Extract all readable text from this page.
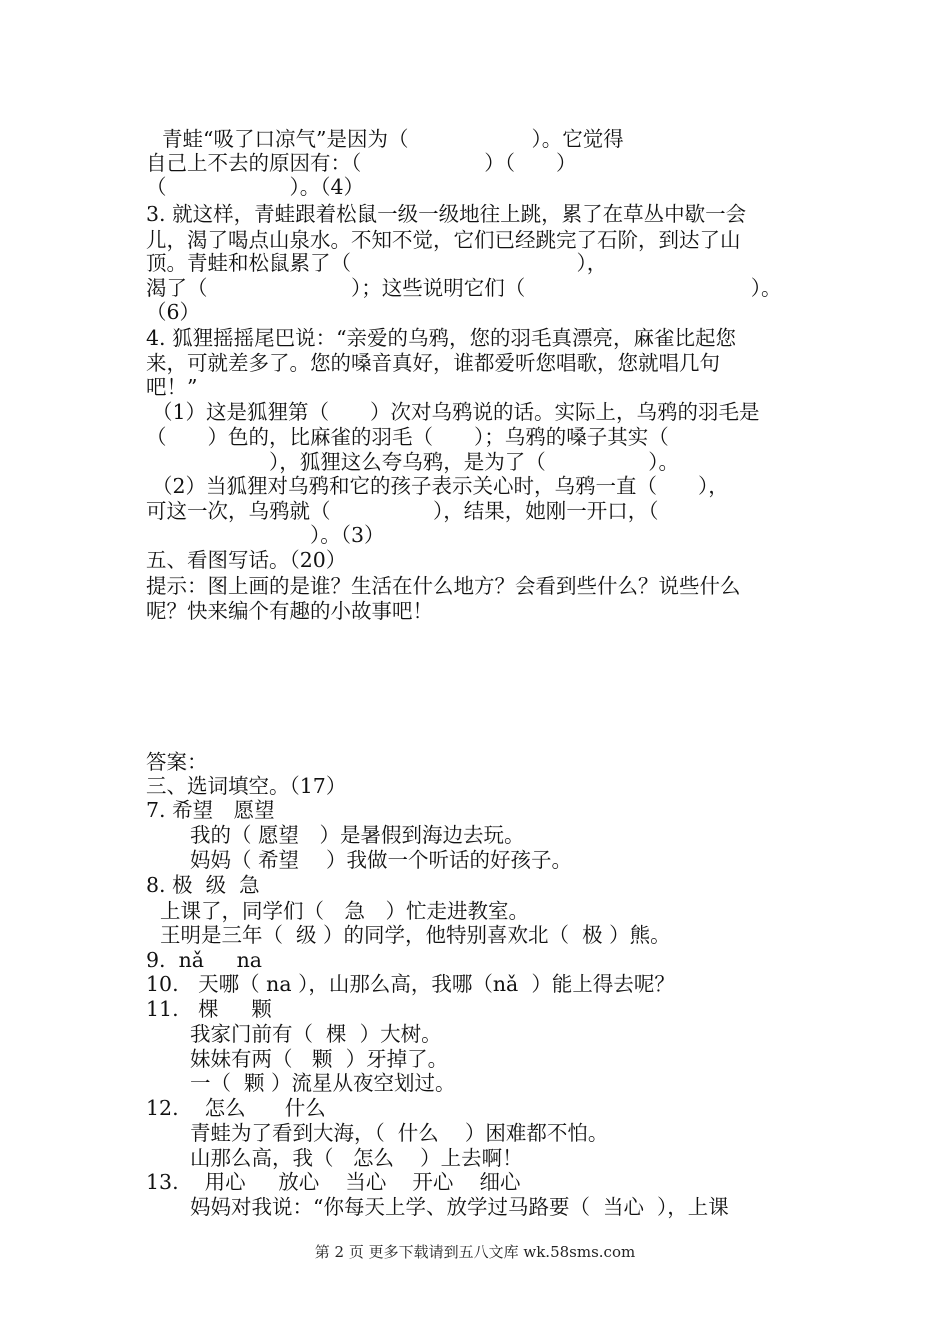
青蛙“吸了口凉气”是因为（　　　　　　）。它觉得

自己上不去的原因有：（　　　　　　）（　　）

（　　　　　　）。（4）

3. 就这样，青蛙跟着松鼠一级一级地往上跳，累了在草丛中歇一会

儿，渴了喝点山泉水。不知不觉，它们已经跳完了石阶，到达了山

顶。青蛙和松鼠累了（　　　　　　　　　　　），

渴了（　　　　　　　）；这些说明它们（　　　　　　　　　　　）。

（6）

4. 狐狸摇摇尾巴说：“亲爱的乌鸦，您的羽毛真漂亮，麻雀比起您

来，可就差多了。您的嗓音真好，谁都爱听您唱歌，您就唱几句

吧！”

（1）这是狐狸第（　　）次对乌鸦说的话。实际上，乌鸦的羽毛是

（　　）色的，比麻雀的羽毛（　　）；乌鸦的嗓子其实（

　　　　　　），狐狸这么夸乌鸦，是为了（　　　　　）。

（2）当狐狸对乌鸦和它的孩子表示关心时，乌鸦一直（　　），

可这一次，乌鸦就（　　　　　），结果，她刚一开口，（

　　　　　　　　）。（3）

五、看图写话。（20）

提示：图上画的是谁？生活在什么地方？会看到些什么？说些什么

呢？快来编个有趣的小故事吧！

答案：

三、选词填空。（17）

7. 希望　愿望

我的（ 愿望　）是暑假到海边去玩。

妈妈（ 希望　 ）我做一个听话的好孩子。

8. 极  级  急

上课了，同学们（　急　）忙走进教室。

王明是三年（  级 ）的同学，他特别喜欢北（  极 ）熊。

9.  nǎ     na

10.   天哪（ na ），山那么高，我哪（nǎ  ）能上得去呢？

11.   棵     颗

我家门前有（  棵  ）大树。

妹妹有两（   颗  ）牙掉了。

一（  颗 ）流星从夜空划过。

12.    怎么      什么

青蛙为了看到大海，（  什么    ）困难都不怕。

山那么高，我（   怎么    ）上去啊！

13.    用心     放心    当心    开心    细心

妈妈对我说：“你每天上学、放学过马路要（  当心  ），上课

第 2 页 更多下载请到五八文库 wk.58sms.com
